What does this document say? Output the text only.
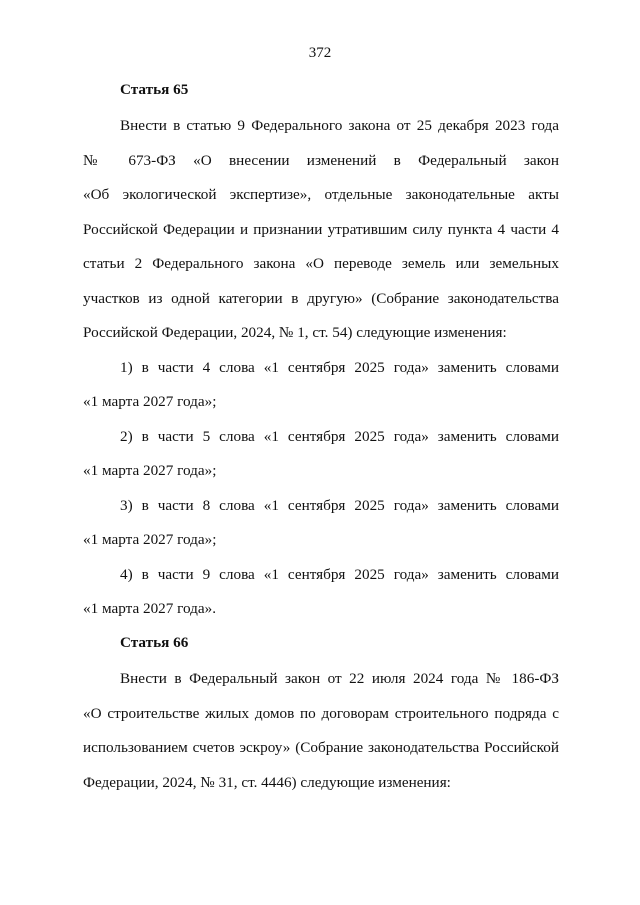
372
Статья 65
Внести в статью 9 Федерального закона от 25 декабря 2023 года
№ 673-ФЗ «О внесении изменений в Федеральный закон
«Об экологической экспертизе», отдельные законодательные акты
Российской Федерации и признании утратившим силу пункта 4 части 4
статьи 2 Федерального закона «О переводе земель или земельных
участков из одной категории в другую» (Собрание законодательства
Российской Федерации, 2024, № 1, ст. 54) следующие изменения:
1) в части 4 слова «1 сентября 2025 года» заменить словами
«1 марта 2027 года»;
2) в части 5 слова «1 сентября 2025 года» заменить словами
«1 марта 2027 года»;
3) в части 8 слова «1 сентября 2025 года» заменить словами
«1 марта 2027 года»;
4) в части 9 слова «1 сентября 2025 года» заменить словами
«1 марта 2027 года».
Статья 66
Внести в Федеральный закон от 22 июля 2024 года № 186-ФЗ
«О строительстве жилых домов по договорам строительного подряда с
использованием счетов эскроу» (Собрание законодательства Российской
Федерации, 2024, № 31, ст. 4446) следующие изменения:
